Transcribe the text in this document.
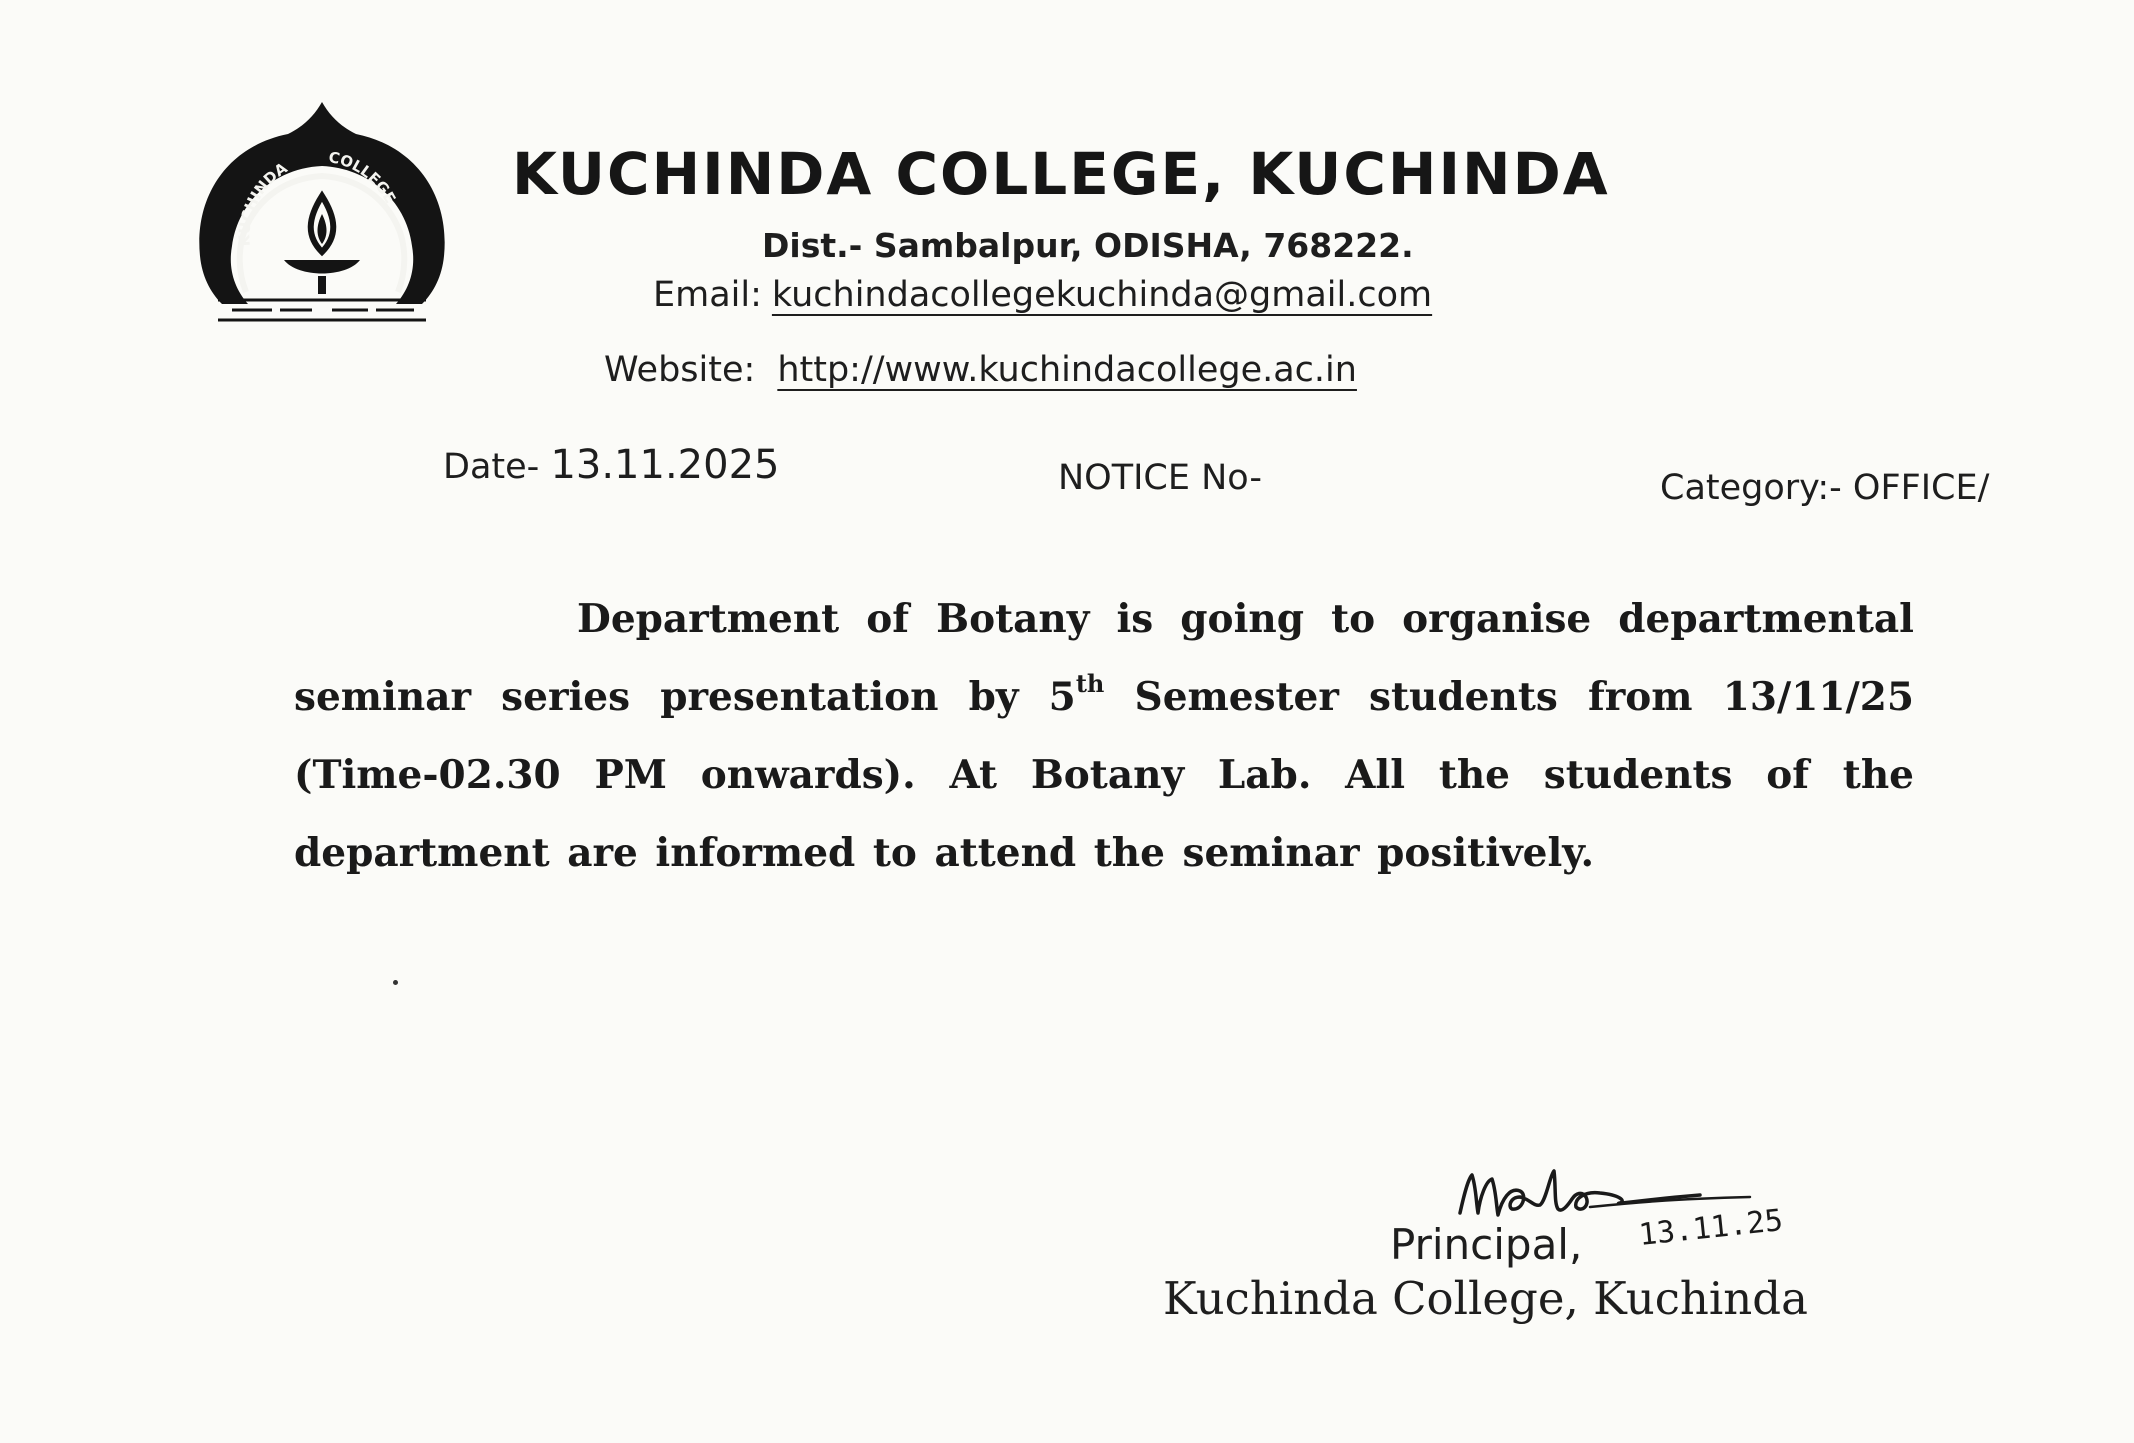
KUCHINDA
COLLEGE KUCHINDA COLLEGE, KUCHINDA
Dist.- Sambalpur, ODISHA, 768222.
Email: kuchindacollegekuchinda@gmail.com
Website: http://www.kuchindacollege.ac.in
Date- 13.11.2025	NOTICE No-	Category:- OFFICE/
Department of Botany is going to organise departmental seminar series presentation by 5th Semester students from 13/11/25 (Time-02.30 PM onwards). At Botany Lab. All the students of the department are informed to attend the seminar positively.
13.11.25
Principal,
Kuchinda College, Kuchinda
